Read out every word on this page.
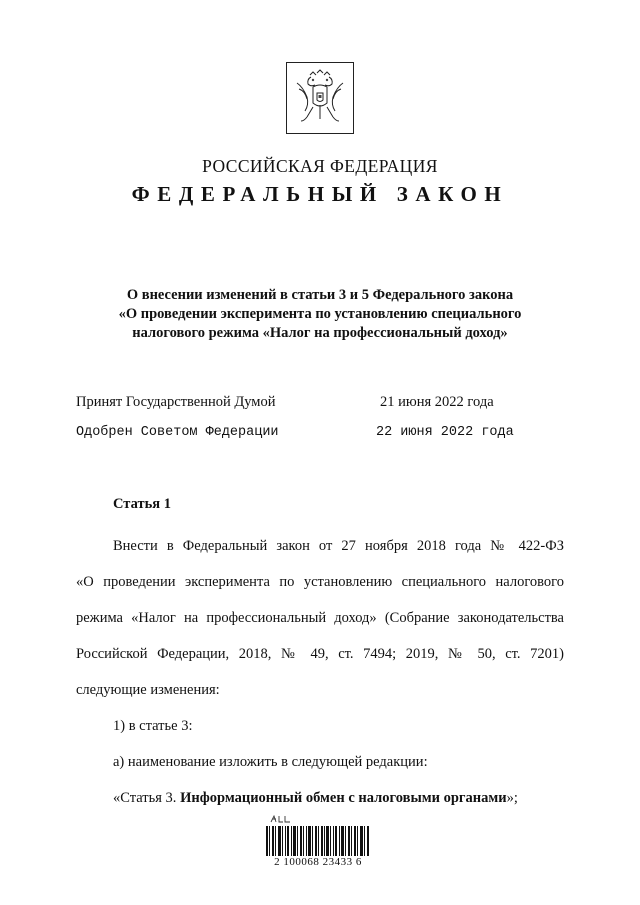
РОССИЙСКАЯ ФЕДЕРАЦИЯ
ФЕДЕРАЛЬНЫЙ ЗАКОН
О внесении изменений в статьи 3 и 5 Федерального закона
«О проведении эксперимента по установлению специального
налогового режима «Налог на профессиональный доход»
Принят Государственной Думой	21 июня 2022 года
Одобрен Советом Федерации	22 июня 2022 года
Статья 1

Внести в Федеральный закон от 27 ноября 2018 года № 422-ФЗ

«О проведении эксперимента по установлению специального налогового

режима «Налог на профессиональный доход» (Собрание законодательства

Российской Федерации, 2018, № 49, ст. 7494; 2019, № 50, ст. 7201)

следующие изменения:

1) в статье 3:

а) наименование изложить в следующей редакции:

«Статья 3. Информационный обмен с налоговыми органами»;

2 100068 23433 6
